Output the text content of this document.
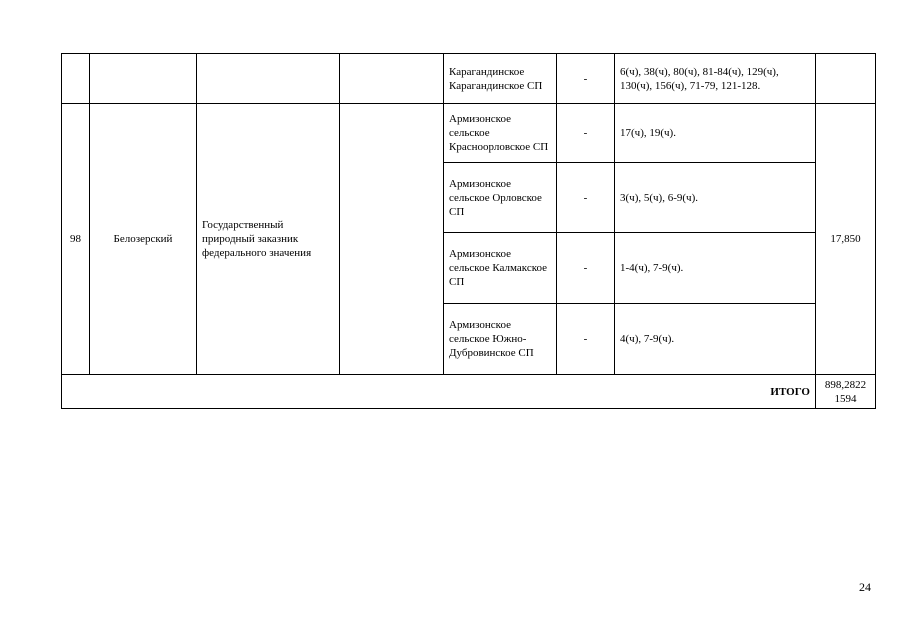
				Карагандинское Карагандинское СП	-	6(ч), 38(ч), 80(ч), 81-84(ч), 129(ч), 130(ч), 156(ч), 71-79, 121-128.	
98	Белозерский	Государственный природный заказник федерального значения		Армизонское сельское Красноорловское СП	-	17(ч), 19(ч).	17,850
				Армизонское сельское Орловское СП	-	3(ч), 5(ч), 6-9(ч).	
				Армизонское сельское Калмакское СП	-	1-4(ч), 7-9(ч).	
				Армизонское сельское Южно-Дубровинское СП	-	4(ч), 7-9(ч).	
ИТОГО							898,2822 1594
24
